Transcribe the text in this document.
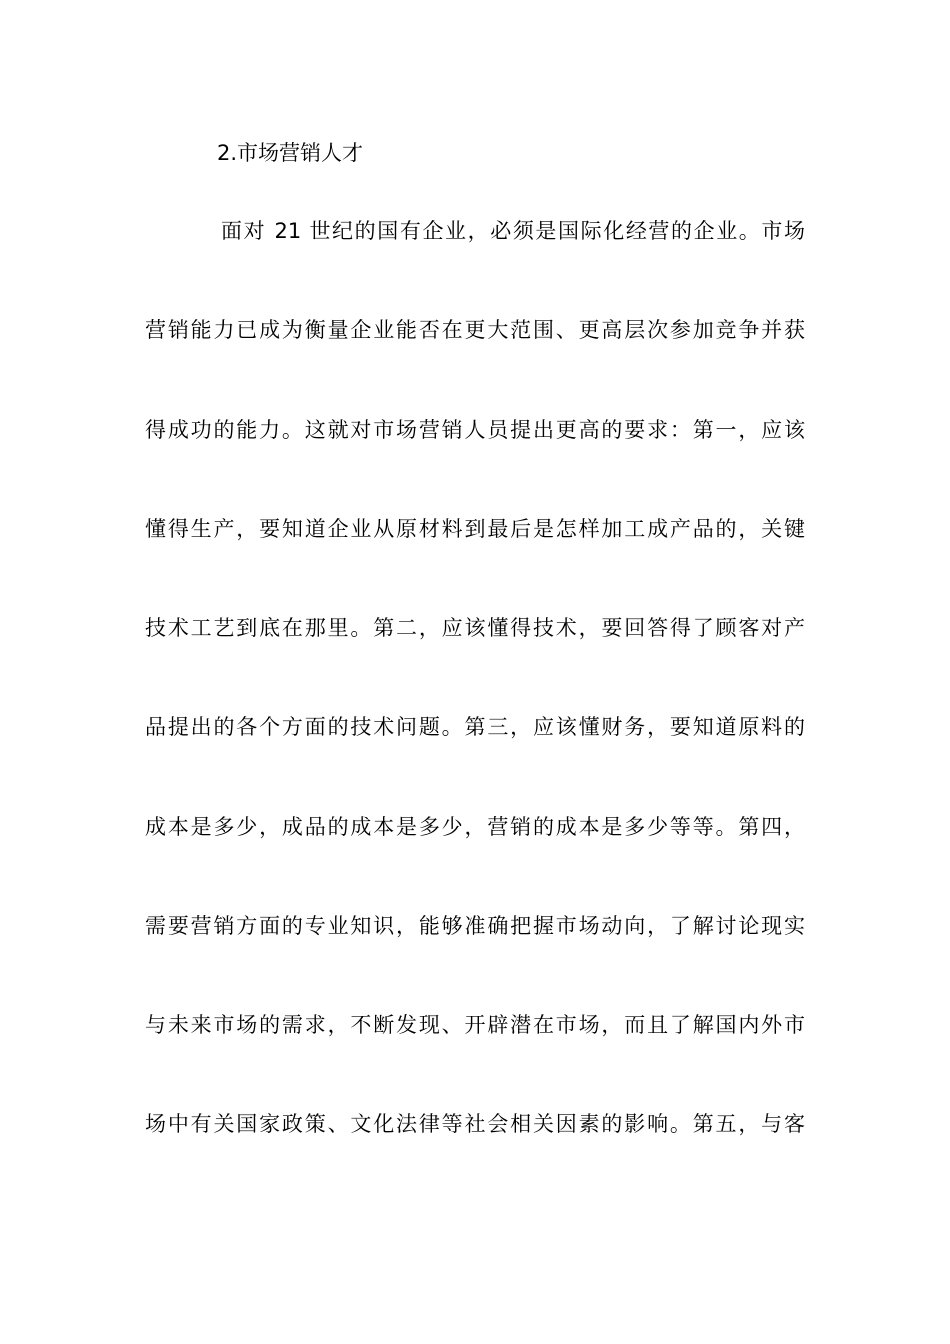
2.市场营销人才
面对 21 世纪的国有企业，必须是国际化经营的企业。市场
营销能力已成为衡量企业能否在更大范围、更高层次参加竞争并获
得成功的能力。这就对市场营销人员提出更高的要求：第一，应该
懂得生产，要知道企业从原材料到最后是怎样加工成产品的，关键
技术工艺到底在那里。第二，应该懂得技术，要回答得了顾客对产
品提出的各个方面的技术问题。第三，应该懂财务，要知道原料的
成本是多少，成品的成本是多少，营销的成本是多少等等。第四，
需要营销方面的专业知识，能够准确把握市场动向，了解讨论现实
与未来市场的需求，不断发现、开辟潜在市场，而且了解国内外市
场中有关国家政策、文化法律等社会相关因素的影响。第五，与客
